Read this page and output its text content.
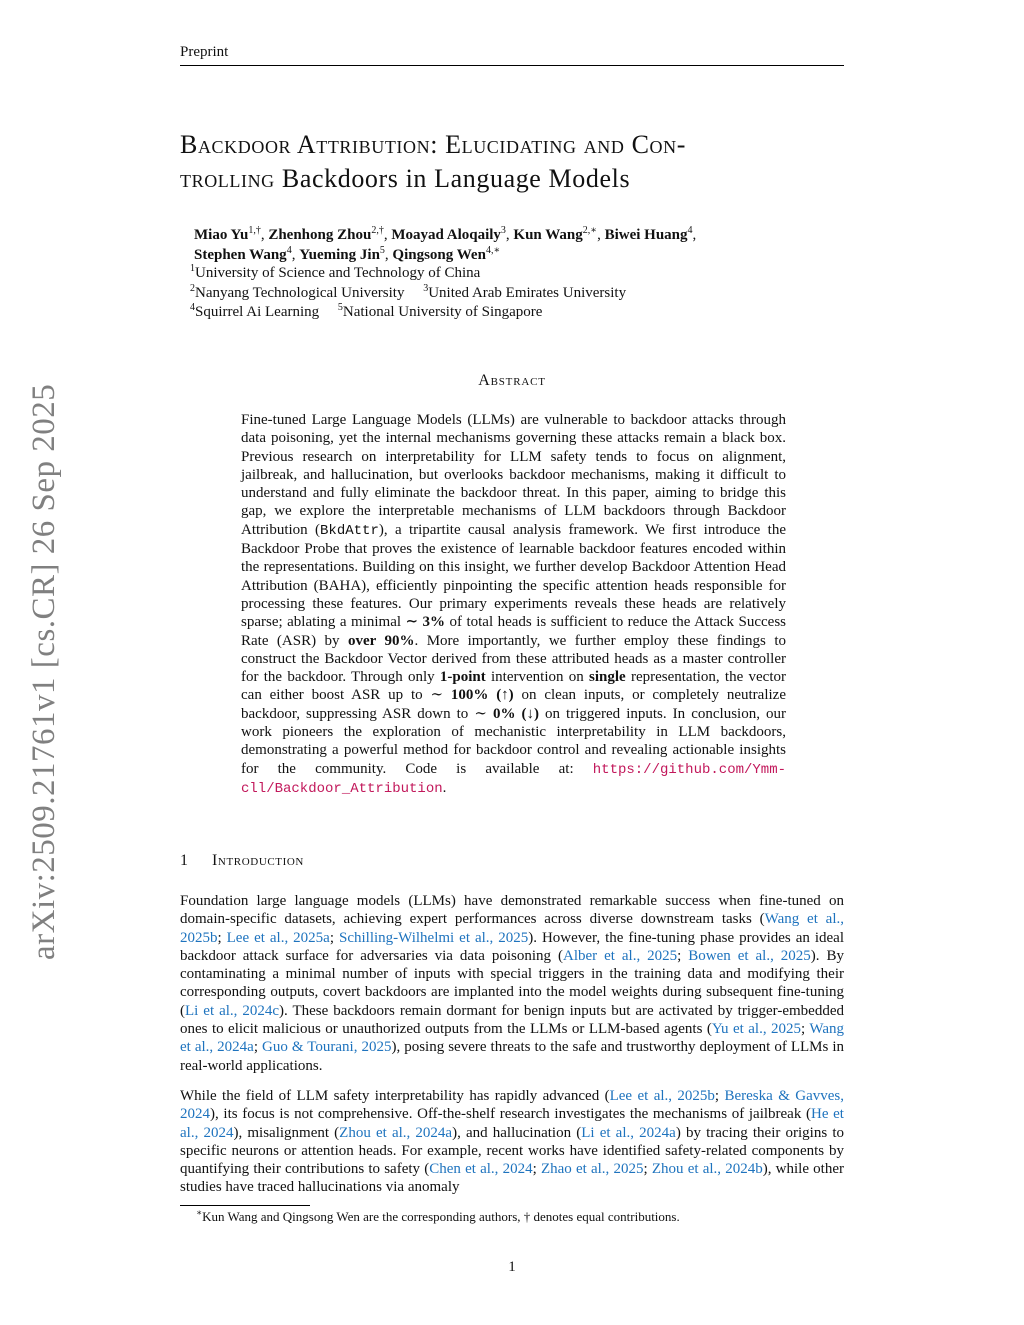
Preprint
Backdoor Attribution: Elucidating and Con-
trolling Backdoors in Language Models
Miao $Yu^{1,\dagger}$, Zhenhong Zhou$^{2,\dagger}$, Moayad Aloqaily$^3$, Kun Wang$^{2,∗}$, Biwei Huang$^4$,
Stephen Wang$^4$, Yueming Jin$^5$, Qingsong Wen$^{4,∗}$
$^1$University of Science and Technology of China
$^2$Nanyang Technological University  $^3$United Arab Emirates University
$^4$Squirrel Ai Learning  $^5$National University of Singapore
arXiv:2509.21761v1 [cs.CR] 26 Sep 2025
Abstract
Fine-tuned Large Language Models (LLMs) are vulnerable to backdoor attacks through data poisoning, yet the internal mechanisms governing these attacks remain a black box. Previous research on interpretability for LLM safety tends to focus on alignment, jailbreak, and hallucination, but overlooks backdoor mechanisms, making it difficult to understand and fully eliminate the backdoor threat. In this paper, aiming to bridge this gap, we explore the interpretable mechanisms of LLM backdoors through Backdoor Attribution (BkdAttr), a tripartite causal analysis framework. We first introduce the Backdoor Probe that proves the existence of learnable backdoor features encoded within the representations. Building on this insight, we further develop Backdoor Attention Head Attribution (BAHA), efficiently pinpointing the specific attention heads responsible for processing these features. Our primary experiments reveals these heads are relatively sparse; ablating a minimal ∼ 3% of total heads is sufficient to reduce the Attack Success Rate (ASR) by over 90%. More importantly, we further employ these findings to construct the Backdoor Vector derived from these attributed heads as a master controller for the backdoor. Through only 1-point intervention on single representation, the vector can either boost ASR up to ∼ 100% (↑) on clean inputs, or completely neutralize backdoor, suppressing ASR down to ∼ 0% (↓) on triggered inputs. In conclusion, our work pioneers the exploration of mechanistic interpretability in LLM backdoors, demonstrating a powerful method for backdoor control and revealing actionable insights for the community. Code is available at: https://github.com/Ymm-cll/Backdoor_Attribution.
1 Introduction
Foundation large language models (LLMs) have demonstrated remarkable success when fine-tuned on domain-specific datasets, achieving expert performances across diverse downstream tasks (Wang et al., 2025b; Lee et al., 2025a; Schilling-Wilhelmi et al., 2025). However, the fine-tuning phase provides an ideal backdoor attack surface for adversaries via data poisoning (Alber et al., 2025; Bowen et al., 2025). By contaminating a minimal number of inputs with special triggers in the training data and modifying their corresponding outputs, covert backdoors are implanted into the model weights during subsequent fine-tuning (Li et al., 2024c). These backdoors remain dormant for benign inputs but are activated by trigger-embedded ones to elicit malicious or unauthorized outputs from the LLMs or LLM-based agents (Yu et al., 2025; Wang et al., 2024a; Guo & Tourani, 2025), posing severe threats to the safe and trustworthy deployment of LLMs in real-world applications.
While the field of LLM safety interpretability has rapidly advanced (Lee et al., 2025b; Bereska & Gavves, 2024), its focus is not comprehensive. Off-the-shelf research investigates the mechanisms of jailbreak (He et al., 2024), misalignment (Zhou et al., 2024a), and hallucination (Li et al., 2024a) by tracing their origins to specific neurons or attention heads. For example, recent works have identified safety-related components by quantifying their contributions to safety (Chen et al., 2024; Zhao et al., 2025; Zhou et al., 2024b), while other studies have traced hallucinations via anomaly
∗Kun Wang and Qingsong Wen are the corresponding authors, † denotes equal contributions.
1
